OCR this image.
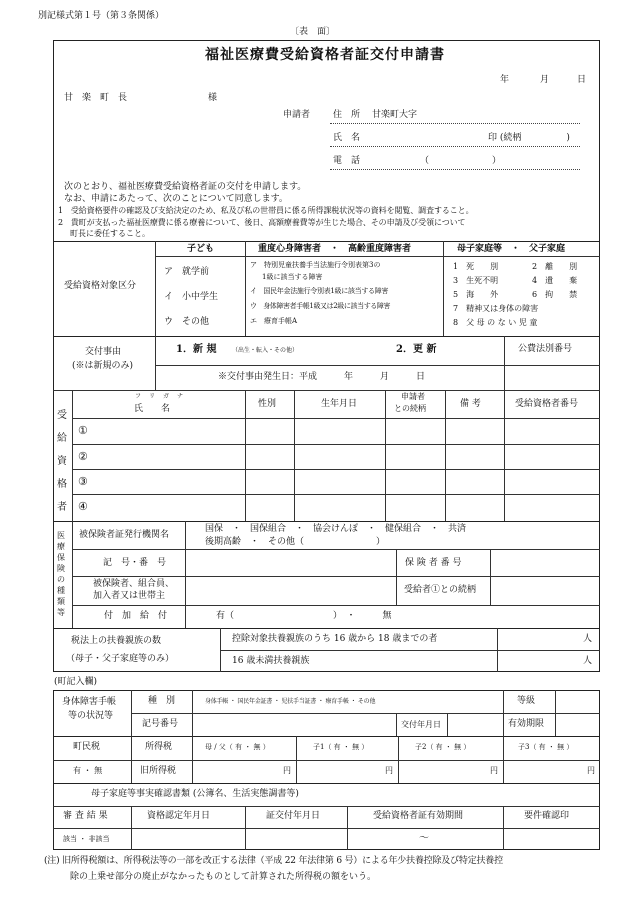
別記様式第１号（第３条関係）
〔表　面〕
福祉医療費受給資格者証交付申請書
年	月	日
甘　楽　町　長	様
申請者	住　所 甘楽町大字
氏　名	印 (続柄　　　　　)
電　話	（　　　　　　　）
次のとおり、福祉医療費受給資格者証の交付を申請します。
なお、申請にあたって、次のことについて同意します。
1　受給資格要件の確認及び支給決定のため、私及び私の世帯員に係る所得課税状況等の資料を閲覧、調査すること。
2　貴町が支払った福祉医療費に係る療養について、後日、高額療養費等が生じた場合、その申請及び受領について
町長に委任すること。
子ども	重度心身障害者　・　高齢重度障害者	母子家庭等　・　父子家庭
受給資格対象区分
ア　就学前
イ　小中学生
ウ　その他
ア　特別児童扶養手当法施行令別表第3の
1級に該当する障害
イ　国民年金法施行令別表1級に該当する障害
ウ　身体障害者手帳1級又は2級に該当する障害
エ　療育手帳A
1　死　　別	2　離　　別
3　生死不明	4　遺　　棄
5　海　　外	6　拘　　禁
7　精神又は身体の障害
8　父 母 の な い 児 童
交付事由
(※は新規のみ)
1．新 規	（出生・転入・その他）	2．更 新
※交付事由発生日：平成　　　年　　　月　　　日
公費法別番号
フ　リ　ガ　ナ
氏　　名	性別	生年月日
申請者
との続柄	備 考	受給資格者番号
受
給
資
格
者
①
②
③
④
医
療
保
険
の
種
類
等
被保険者証発行機関名
国保　・　国保組合　・　協会けんぽ　・　健保組合　・　共済
後期高齢　・　その他（　　　　　　　　）
記　号・番　号	保 険 者 番 号
被保険者、組合員、
加入者又は世帯主
受給者①との続柄
付　加　給　付	有（　　　　　　　　　　　）　・　　　無
税法上の扶養親族の数
（母子・父子家庭等のみ）
控除対象扶養親族のうち 16 歳から 18 歳までの者
16 歳未満扶養親族
人
人
(町記入欄)
身体障害手帳
等の状況等
種　別	身体手帳 ・ 国民年金証書 ・ 児扶手当証書 ・ 療育手帳 ・ その他	等級
記号番号	交付年月日	有効期限
町民税
有 ・ 無
所得税
旧所得税
母 / 父（ 有 ・ 無 ）	子1（ 有 ・ 無 ）	子2（ 有 ・ 無 ）	子3（ 有 ・ 無 ）
円	円	円	円
母子家庭等事実確認書類 (公簿名、生活実態調書等)
審 査 結 果
該当 ・ 非該当
資格認定年月日	証交付年月日	受給資格者証有効期間
〜
要件確認印
(注) 旧所得税額は、所得税法等の一部を改正する法律（平成 22 年法律第 6 号）による年少扶養控除及び特定扶養控
除の上乗せ部分の廃止がなかったものとして計算された所得税の額をいう。
